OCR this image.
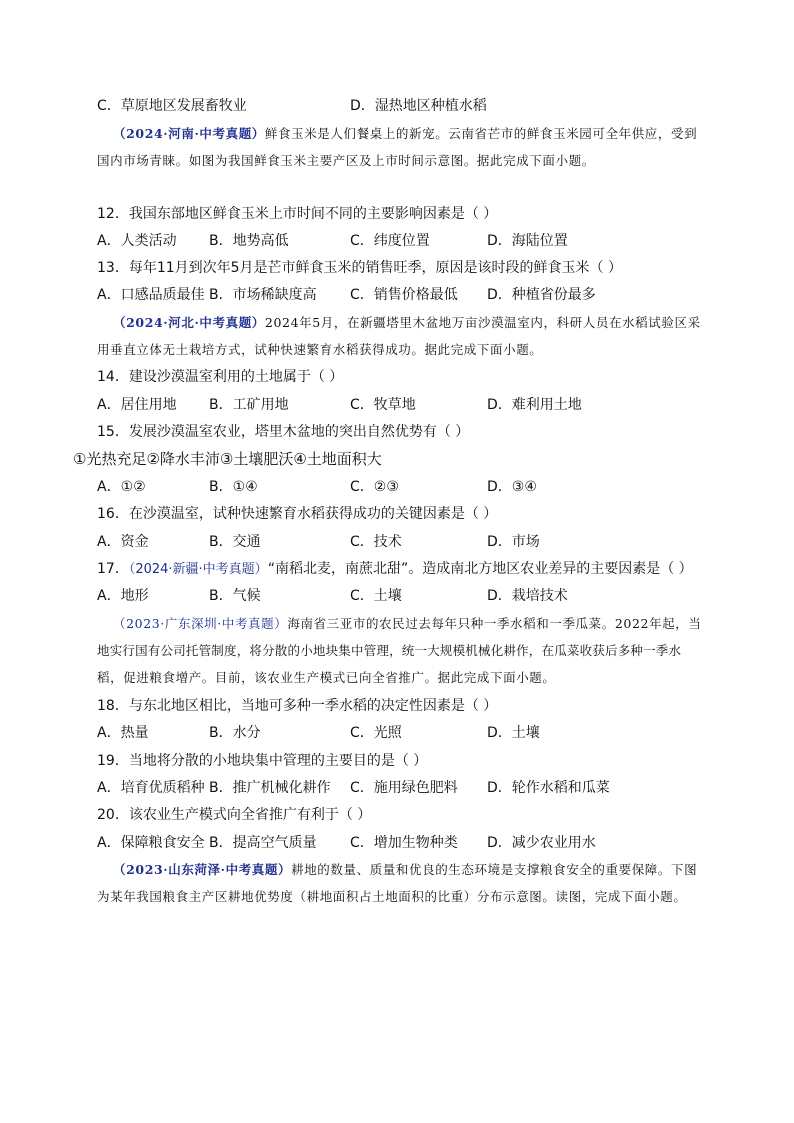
C．草原地区发展畜牧业	D．湿热地区种植水稻
（2024·河南·中考真题）鲜食玉米是人们餐桌上的新宠。云南省芒市的鲜食玉米园可全年供应，受到
国内市场青睐。如图为我国鲜食玉米主要产区及上市时间示意图。据此完成下面小题。
12．我国东部地区鲜食玉米上市时间不同的主要影响因素是（ ）
A．人类活动 B．地势高低	C．纬度位置	D．海陆位置
13．每年11月到次年5月是芒市鲜食玉米的销售旺季，原因是该时段的鲜食玉米（ ）
A．口感品质最佳 B．市场稀缺度高 C．销售价格最低 D．种植省份最多
（2024·河北·中考真题）2024年5月，在新疆塔里木盆地万亩沙漠温室内，科研人员在水稻试验区采
用垂直立体无土栽培方式，试种快速繁育水稻获得成功。据此完成下面小题。
14．建设沙漠温室利用的土地属于（ ）
A．居住用地 B．工矿用地	C．牧草地	D．难利用土地
15．发展沙漠温室农业，塔里木盆地的突出自然优势有（ ）
①光热充足②降水丰沛③土壤肥沃④土地面积大
A．①②	B．①④	C．②③	D．③④
16．在沙漠温室，试种快速繁育水稻获得成功的关键因素是（ ）
A．资金	B．交通	C．技术	D．市场
17．（2024·新疆·中考真题）“南稻北麦，南蔗北甜”。造成南北方地区农业差异的主要因素是（ ）
A．地形	B．气候	C．土壤	D．栽培技术
（2023·广东深圳·中考真题）海南省三亚市的农民过去每年只种一季水稻和一季瓜菜。2022年起，当
地实行国有公司托管制度，将分散的小地块集中管理，统一大规模机械化耕作，在瓜菜收获后多种一季水
稻，促进粮食增产。目前，该农业生产模式已向全省推广。据此完成下面小题。
18．与东北地区相比，当地可多种一季水稻的决定性因素是（ ）
A．热量	B．水分	C．光照	D．土壤
19．当地将分散的小地块集中管理的主要目的是（ ）
A．培育优质稻种 B．推广机械化耕作 C．施用绿色肥料 D．轮作水稻和瓜菜
20．该农业生产模式向全省推广有利于（ ）
A．保障粮食安全 B．提高空气质量 C．增加生物种类 D．减少农业用水
（2023·山东菏泽·中考真题）耕地的数量、质量和优良的生态环境是支撑粮食安全的重要保障。下图
为某年我国粮食主产区耕地优势度（耕地面积占土地面积的比重）分布示意图。读图，完成下面小题。
